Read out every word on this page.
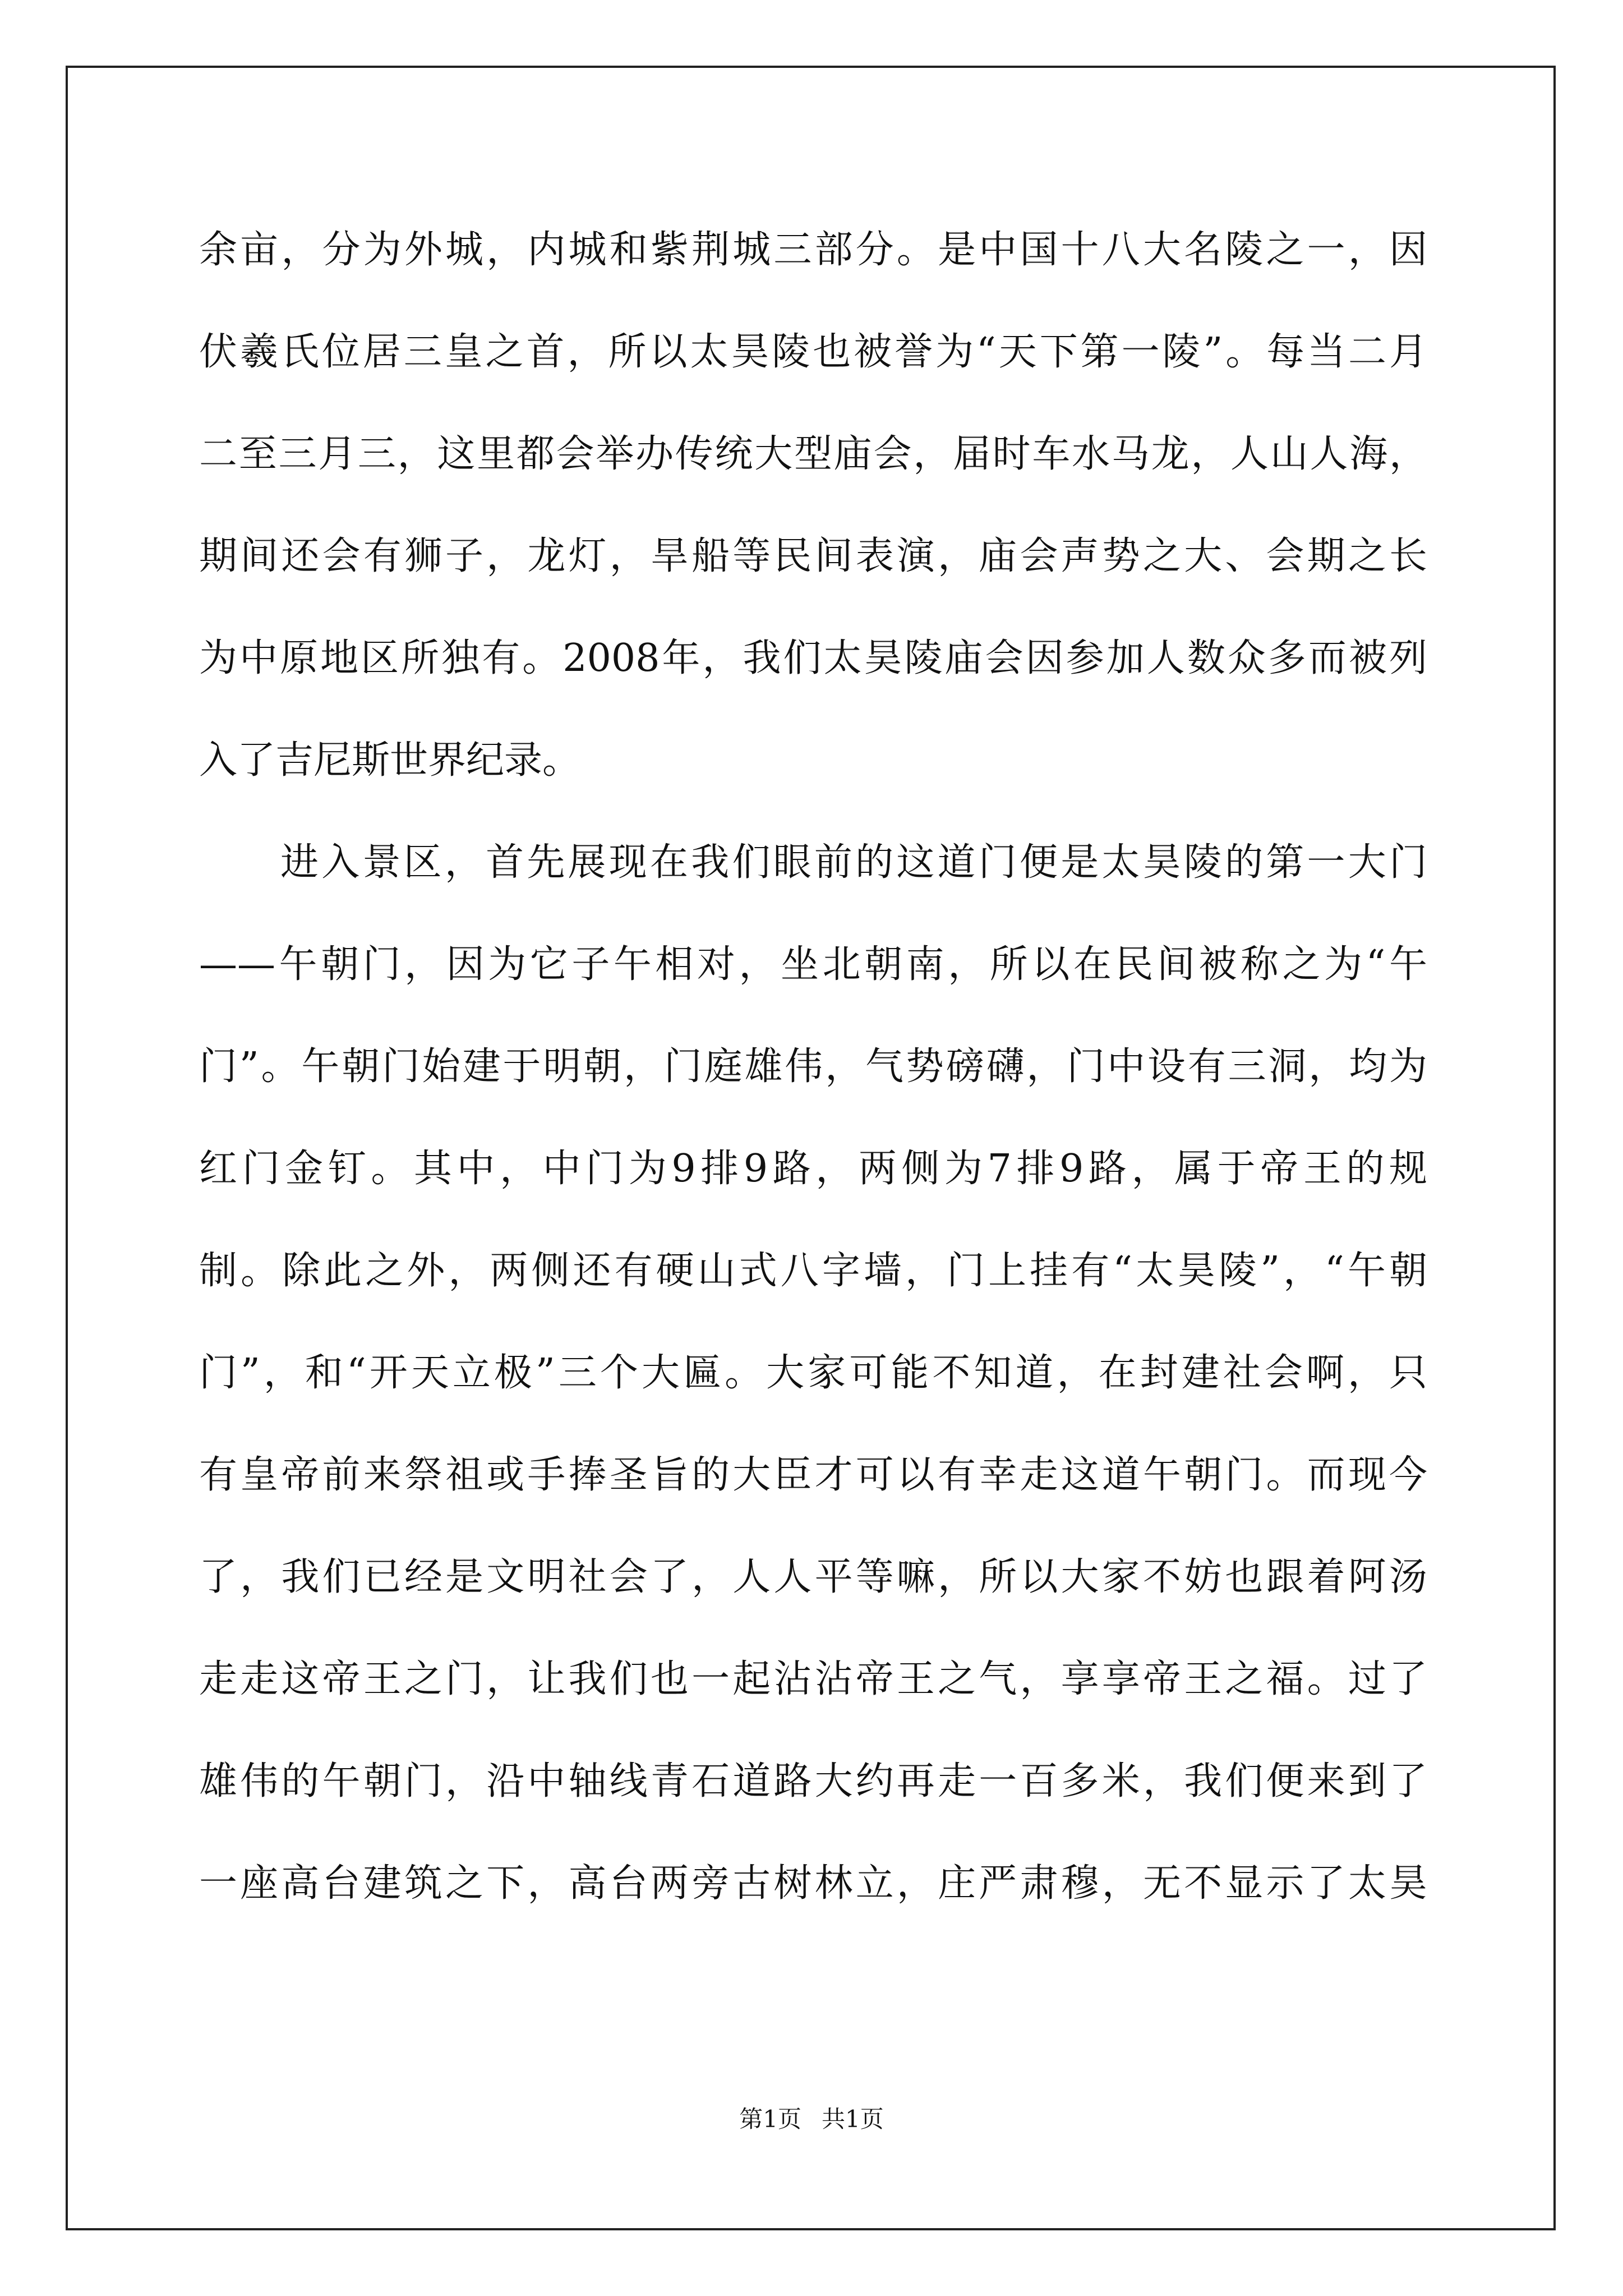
余亩，分为外城，内城和紫荆城三部分。是中国十八大名陵之一，因
伏羲氏位居三皇之首，所以太昊陵也被誉为“天下第一陵”。每当二月
二至三月三，这里都会举办传统大型庙会，届时车水马龙，人山人海，
期间还会有狮子，龙灯，旱船等民间表演，庙会声势之大、会期之长
为中原地区所独有。2008年，我们太昊陵庙会因参加人数众多而被列
入了吉尼斯世界纪录。
进入景区，首先展现在我们眼前的这道门便是太昊陵的第一大门
——午朝门，因为它子午相对，坐北朝南，所以在民间被称之为“午
门”。午朝门始建于明朝，门庭雄伟，气势磅礴，门中设有三洞，均为
红门金钉。其中，中门为9排9路，两侧为7排9路，属于帝王的规
制。除此之外，两侧还有硬山式八字墙，门上挂有“太昊陵”，“午朝
门”，和“开天立极”三个大匾。大家可能不知道，在封建社会啊，只
有皇帝前来祭祖或手捧圣旨的大臣才可以有幸走这道午朝门。而现今
了，我们已经是文明社会了，人人平等嘛，所以大家不妨也跟着阿汤
走走这帝王之门，让我们也一起沾沾帝王之气，享享帝王之福。过了
雄伟的午朝门，沿中轴线青石道路大约再走一百多米，我们便来到了
一座高台建筑之下，高台两旁古树林立，庄严肃穆，无不显示了太昊
第1页 共1页
